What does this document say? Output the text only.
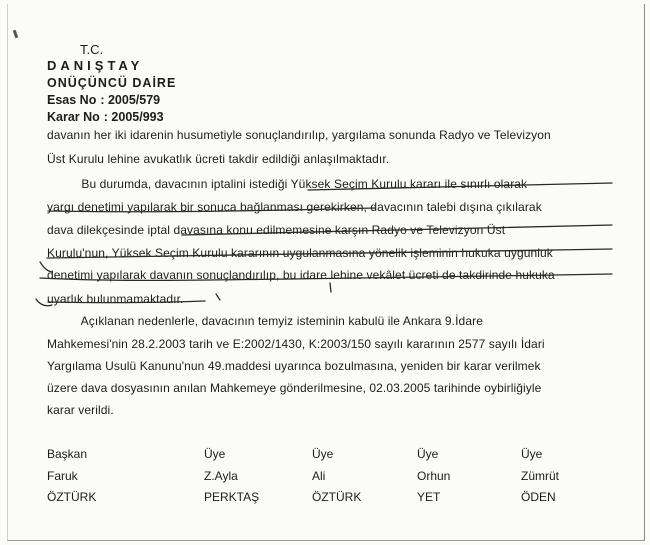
T.C.
DANIŞTAY
ONÜÇÜNCÜ DAİRE
Esas No : 2005/579
Karar No : 2005/993
davanın her iki idarenin husumetiyle sonuçlandırılıp, yargılama sonunda Radyo ve Televizyon
Üst Kurulu lehine avukatlık ücreti takdir edildiği anlaşılmaktadır.
Bu durumda, davacının iptalini istediği Yüksek Seçim Kurulu kararı ile sınırlı olarak
yargı denetimi yapılarak bir sonuca bağlanması gerekirken, davacının talebi dışına çıkılarak
dava dilekçesinde iptal davasına konu edilmemesine karşın Radyo ve Televizyon Üst
Kurulu'nun, Yüksek Seçim Kurulu kararının uygulanmasına yönelik işleminin hukuka uygunluk
denetimi yapılarak davanın sonuçlandırılıp, bu idare lehine vekâlet ücreti de takdirinde hukuka
uyarlık bulunmamaktadır.
Açıklanan nedenlerle, davacının temyiz isteminin kabulü ile Ankara 9.İdare
Mahkemesi'nin 28.2.2003 tarih ve E:2002/1430, K:2003/150 sayılı kararının 2577 sayılı İdari
Yargılama Usulü Kanunu'nun 49.maddesi uyarınca bozulmasına, yeniden bir karar verilmek
üzere dava dosyasının anılan Mahkemeye gönderilmesine, 02.03.2005 tarihinde oybirliğiyle
karar verildi.
Başkan	Üye	Üye	Üye	Üye
Faruk	Z.Ayla	Ali	Orhun	Zümrüt
ÖZTÜRK	PERKTAŞ	ÖZTÜRK	YET	ÖDEN
